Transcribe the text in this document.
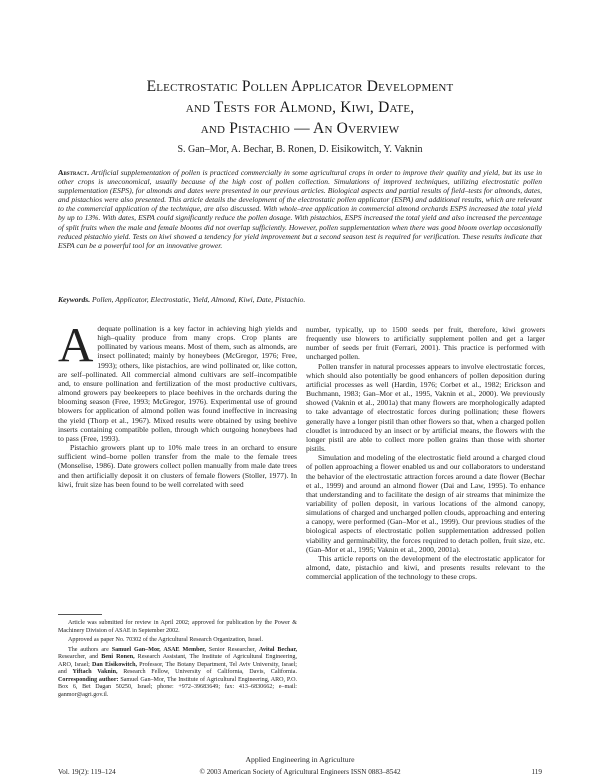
Electrostatic Pollen Applicator Development
and Tests for Almond, Kiwi, Date,
and Pistachio — An Overview
S. Gan–Mor, A. Bechar, B. Ronen, D. Eisikowitch, Y. Vaknin
Abstract. Artificial supplementation of pollen is practiced commercially in some agricultural crops in order to improve their quality and yield, but its use in other crops is uneconomical, usually because of the high cost of pollen collection. Simulations of improved techniques, utilizing electrostatic pollen supplementation (ESPS), for almonds and dates were presented in our previous articles. Biological aspects and partial results of field–tests for almonds, dates, and pistachios were also presented. This article details the development of the electrostatic pollen applicator (ESPA) and additional results, which are relevant to the commercial application of the technique, are also discussed. With whole–tree application in commercial almond orchards ESPS increased the total yield by up to 13%. With dates, ESPA could significantly reduce the pollen dosage. With pistachios, ESPS increased the total yield and also increased the percentage of split fruits when the male and female blooms did not overlap sufficiently. However, pollen supplementation when there was good bloom overlap occasionally reduced pistachio yield. Tests on kiwi showed a tendency for yield improvement but a second season test is required for verification. These results indicate that ESPA can be a powerful tool for an innovative grower.
Keywords. Pollen, Applicator, Electrostatic, Yield, Almond, Kiwi, Date, Pistachio.

Adequate pollination is a key factor in achieving high yields and high–quality produce from many crops. Crop plants are pollinated by various means. Most of them, such as almonds, are insect pollinated; mainly by honeybees (McGregor, 1976; Free, 1993); others, like pistachios, are wind pollinated or, like cotton, are self–pollinated. All commercial almond cultivars are self–incompatible and, to ensure pollination and fertilization of the most productive cultivars, almond growers pay beekeepers to place beehives in the orchards during the blooming season (Free, 1993; McGregor, 1976). Experimental use of ground blowers for application of almond pollen was found ineffective in increasing the yield (Thorp et al., 1967). Mixed results were obtained by using beehive inserts containing compatible pollen, through which outgoing honeybees had to pass (Free, 1993).

Pistachio growers plant up to 10% male trees in an orchard to ensure sufficient wind–borne pollen transfer from the male to the female trees (Monselise, 1986). Date growers collect pollen manually from male date trees and then artificially deposit it on clusters of female flowers (Stoller, 1977). In kiwi, fruit size has been found to be well correlated with seed

number, typically, up to 1500 seeds per fruit, therefore, kiwi growers frequently use blowers to artificially supplement pollen and get a larger number of seeds per fruit (Ferrari, 2001). This practice is performed with uncharged pollen.

Pollen transfer in natural processes appears to involve electrostatic forces, which should also potentially be good enhancers of pollen deposition during artificial processes as well (Hardin, 1976; Corbet et al., 1982; Erickson and Buchmann, 1983; Gan–Mor et al., 1995, Vaknin et al., 2000). We previously showed (Vaknin et al., 2001a) that many flowers are morphologically adapted to take advantage of electrostatic forces during pollination; these flowers generally have a longer pistil than other flowers so that, when a charged pollen cloudlet is introduced by an insect or by artificial means, the flowers with the longer pistil are able to collect more pollen grains than those with shorter pistils.

Simulation and modeling of the electrostatic field around a charged cloud of pollen approaching a flower enabled us and our collaborators to understand the behavior of the electrostatic attraction forces around a date flower (Bechar et al., 1999) and around an almond flower (Dai and Law, 1995). To enhance that understanding and to facilitate the design of air streams that minimize the variability of pollen deposit, in various locations of the almond canopy, simulations of charged and uncharged pollen clouds, approaching and entering a canopy, were performed (Gan–Mor et al., 1999). Our previous studies of the biological aspects of electrostatic pollen supplementation addressed pollen viability and germinability, the forces required to detach pollen, fruit size, etc. (Gan–Mor et al., 1995; Vaknin et al., 2000, 2001a).

This article reports on the development of the electrostatic applicator for almond, date, pistachio and kiwi, and presents results relevant to the commercial application of the technology to these crops.

Article was submitted for review in April 2002; approved for publication by the Power & Machinery Division of ASAE in September 2002.

Approved as paper No. 70302 of the Agricultural Research Organization, Israel.

The authors are Samuel Gan–Mor, ASAE Member, Senior Researcher, Avital Bechar, Researcher, and Beni Ronen, Research Assistant, The Institute of Agricultural Engineering, ARO, Israel; Dan Eisikowitch, Professor, The Botany Department, Tel Aviv University, Israel; and Yiftach Vaknin, Research Fellow, University of California, Davis, California. Corresponding author: Samuel Gan–Mor, The Institute of Agricultural Engineering, ARO, P.O. Box 6, Bet Dagan 50250, Israel; phone: +972–39683649; fax: 413–6830662; e–mail: ganmor@agri.gov.il.

Applied Engineering in Agriculture
Vol. 19(2): 119–124	© 2003 American Society of Agricultural Engineers ISSN 0883–8542	119
